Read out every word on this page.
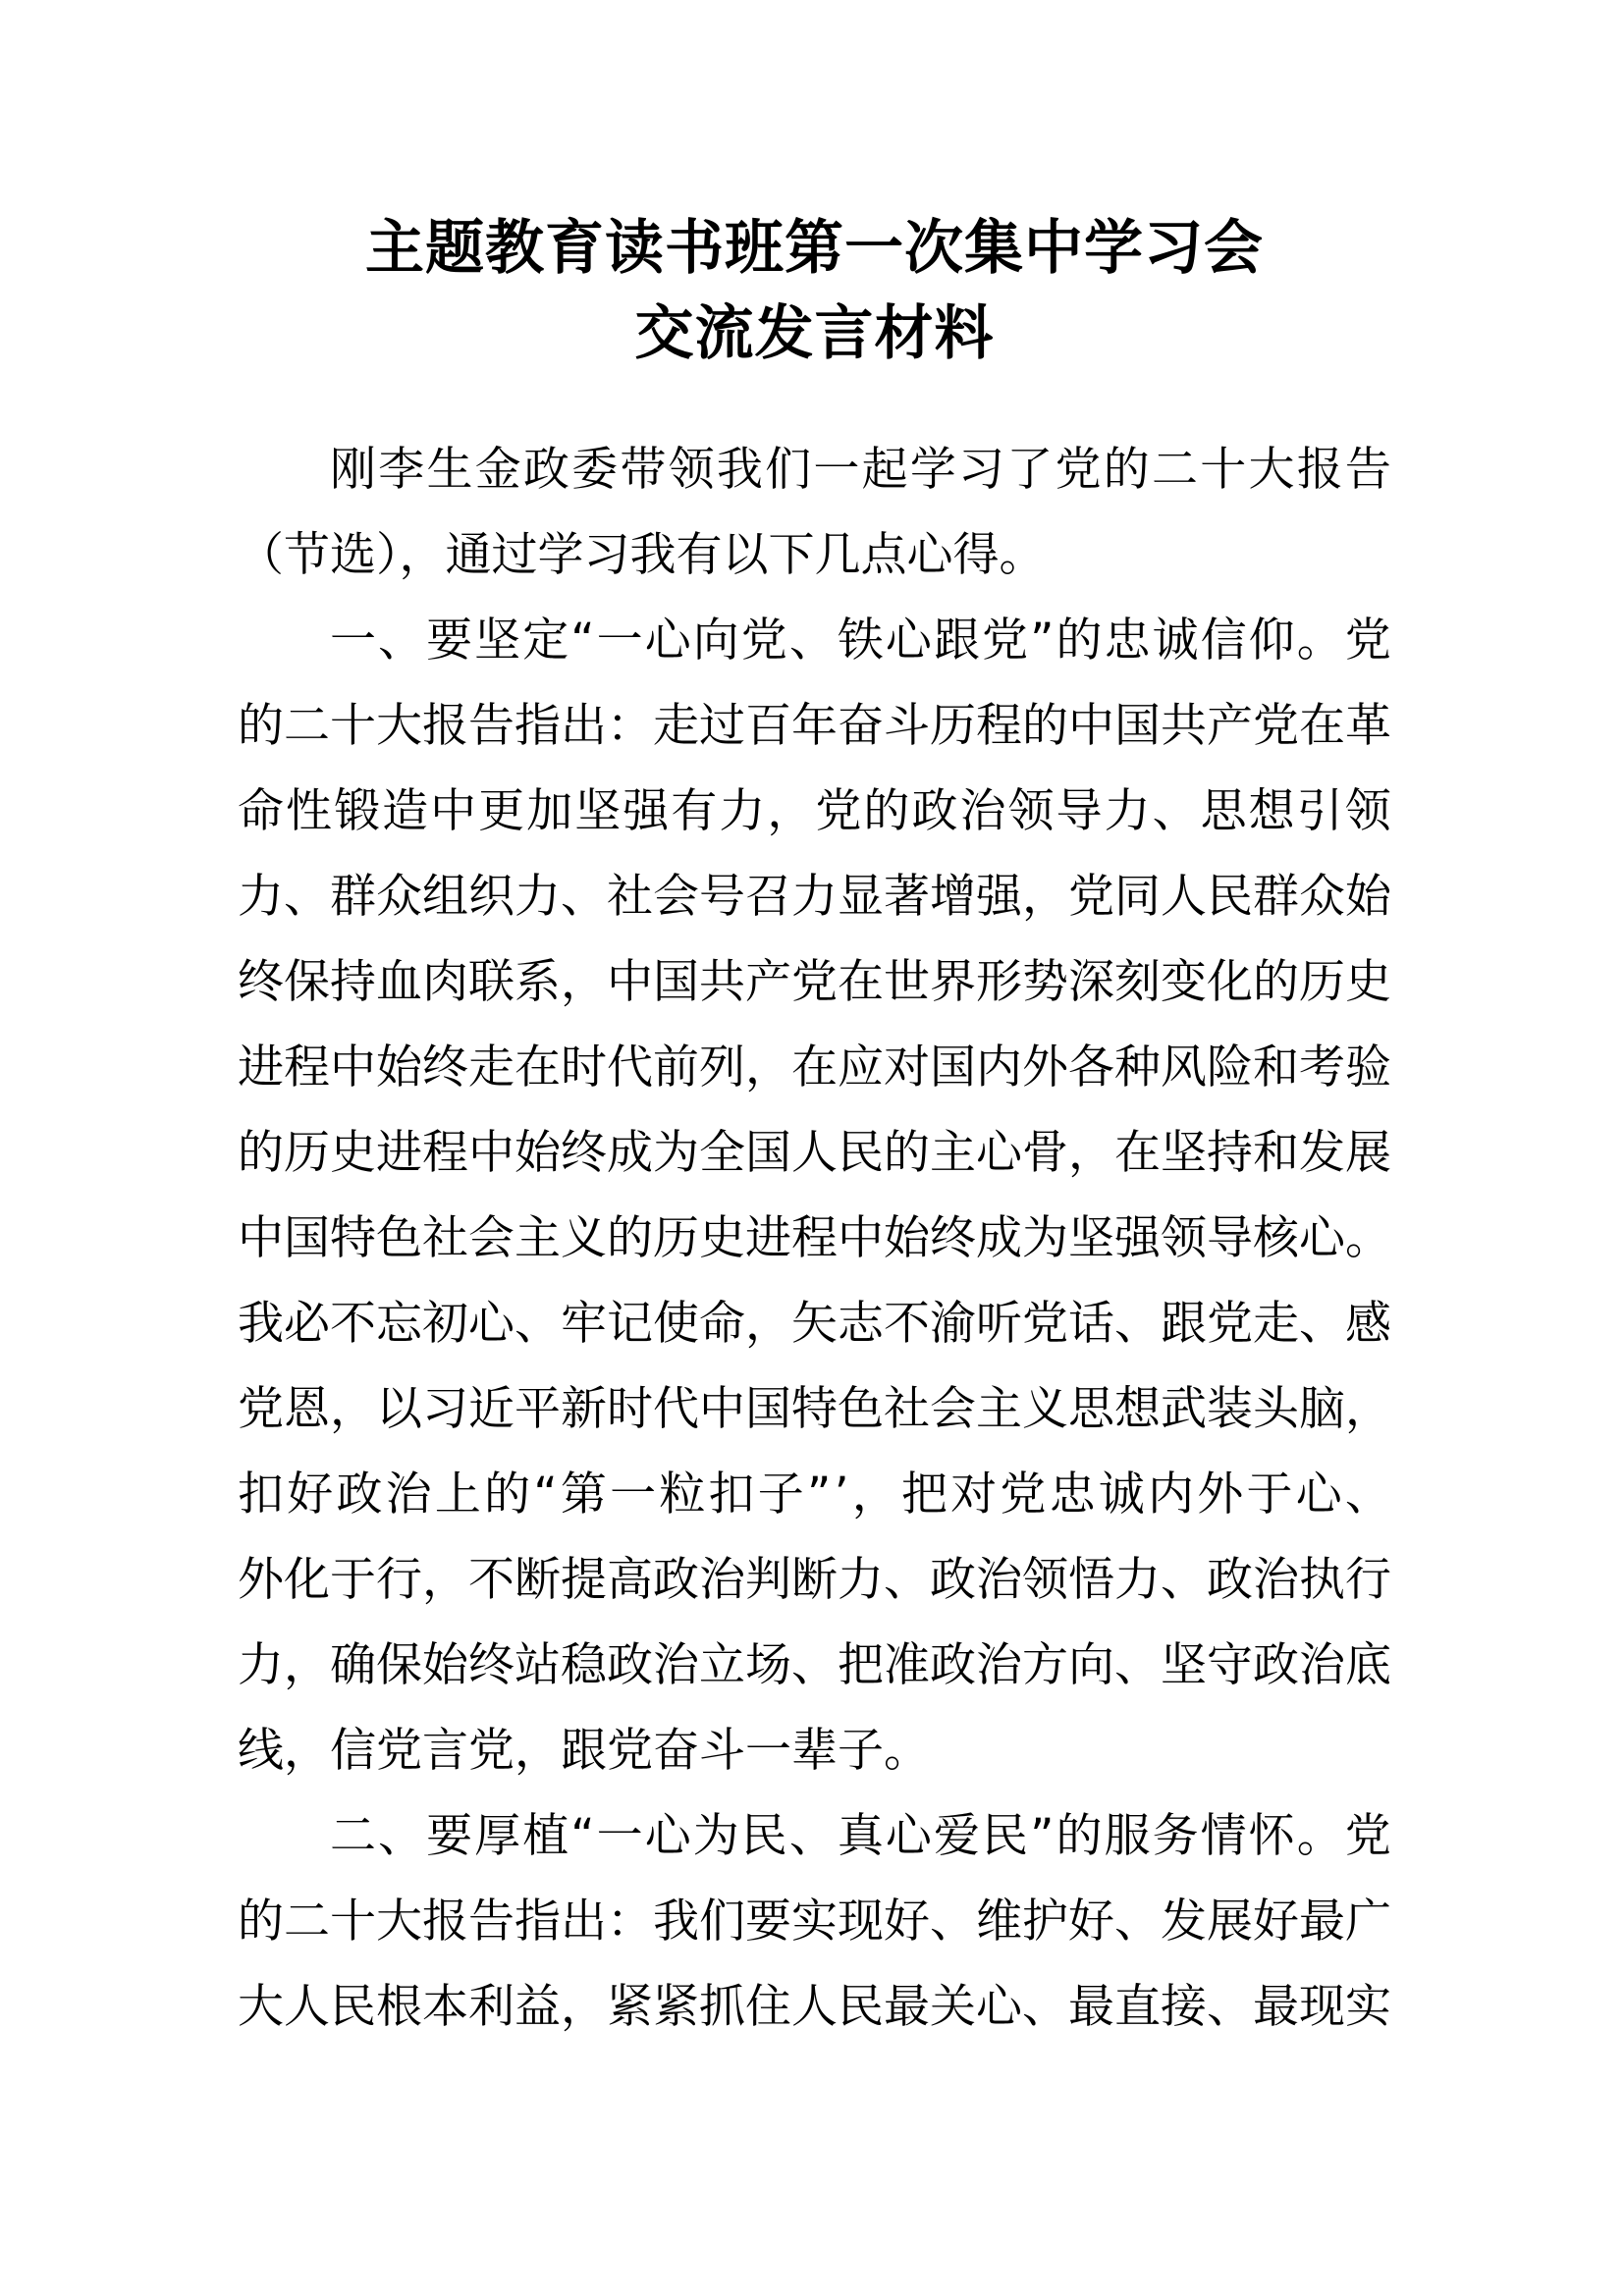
主题教育读书班第一次集中学习会
交流发言材料
刚 李 生 金 政 委 带 领 我 们 一 起 学 习 了 党 的 二 十 大 报 告
（节选），通过学习我有以下几点心得。
一 、 要 坚 定 “ 一 心 向 党 、 铁 心 跟 党 ” 的 忠 诚 信 仰 。 党
的 二 十 大 报 告 指 出 ： 走 过 百 年 奋 斗 历 程 的 中 国 共 产 党 在 革
命 性 锻 造 中 更 加 坚 强 有 力 ， 党 的 政 治 领 导 力 、 思 想 引 领
力 、 群 众 组 织 力 、 社 会 号 召 力 显 著 增 强 ， 党 同 人 民 群 众 始
终 保 持 血 肉 联 系 ， 中 国 共 产 党 在 世 界 形 势 深 刻 变 化 的 历 史
进 程 中 始 终 走 在 时 代 前 列 ， 在 应 对 国 内 外 各 种 风 险 和 考 验
的 历 史 进 程 中 始 终 成 为 全 国 人 民 的 主 心 骨 ， 在 坚 持 和 发 展
中 国 特 色 社 会 主 义 的 历 史 进 程 中 始 终 成 为 坚 强 领 导 核 心 。
我 必 不 忘 初 心 、 牢 记 使 命 ， 矢 志 不 渝 听 党 话 、 跟 党 走 、 感
党 恩 ， 以 习 近 平 新 时 代 中 国 特 色 社 会 主 义 思 想 武 装 头 脑 ，
扣 好 政 治 上 的 “ 第 一 粒 扣 子 ” ’ ， 把 对 党 忠 诚 内 外 于 心 、
外 化 于 行 ， 不 断 提 高 政 治 判 断 力 、 政 治 领 悟 力 、 政 治 执 行
力 ， 确 保 始 终 站 稳 政 治 立 场 、 把 准 政 治 方 向 、 坚 守 政 治 底
线，信党言党，跟党奋斗一辈子。
二 、 要 厚 植 “ 一 心 为 民 、 真 心 爱 民 ” 的 服 务 情 怀 。 党
的 二 十 大 报 告 指 出 ： 我 们 要 实 现 好 、 维 护 好 、 发 展 好 最 广
大 人 民 根 本 利 益 ， 紧 紧 抓 住 人 民 最 关 心 、 最 直 接 、 最 现 实
